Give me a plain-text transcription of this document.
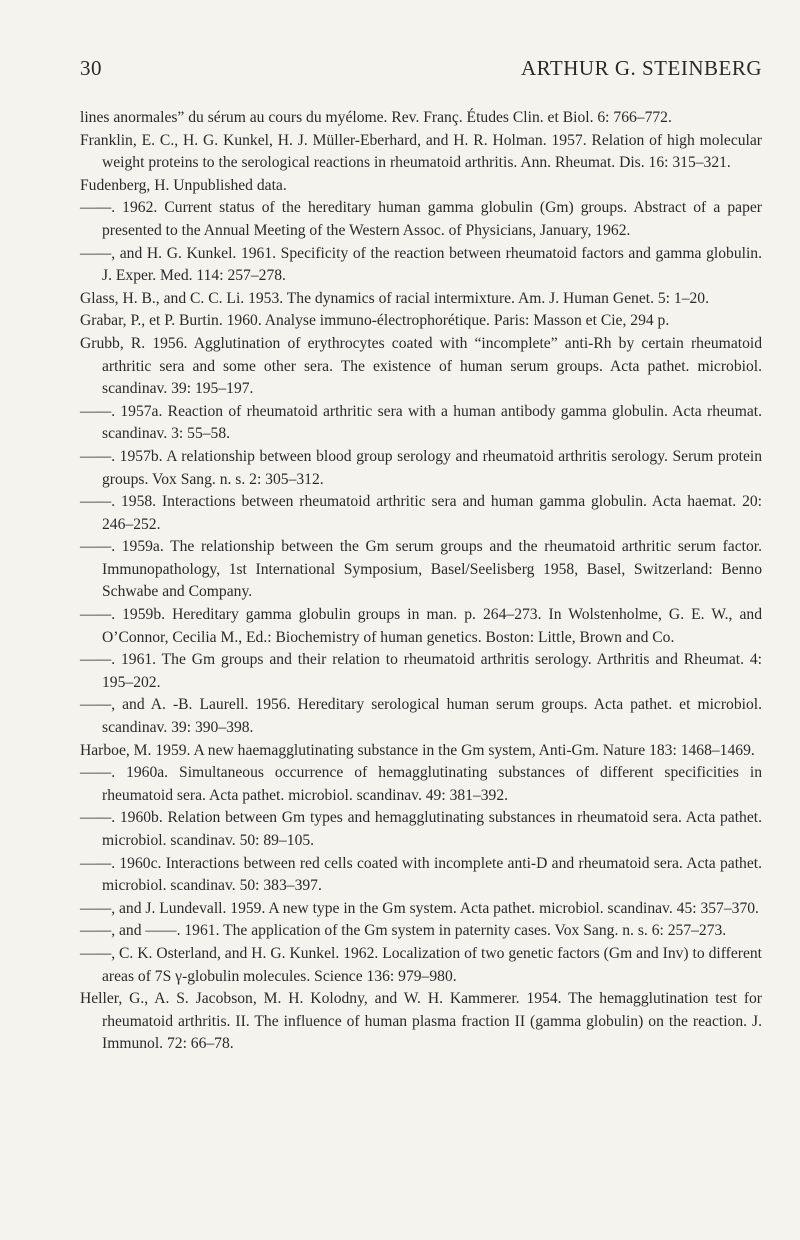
30	ARTHUR G. STEINBERG

lines anormales” du sérum au cours du myélome. Rev. Franç. Études Clin. et Biol. 6: 766–772.

Franklin, E. C., H. G. Kunkel, H. J. Müller-Eberhard, and H. R. Holman. 1957. Relation of high molecular weight proteins to the serological reactions in rheumatoid arthritis. Ann. Rheumat. Dis. 16: 315–321.

Fudenberg, H. Unpublished data.

——. 1962. Current status of the hereditary human gamma globulin (Gm) groups. Abstract of a paper presented to the Annual Meeting of the Western Assoc. of Physicians, January, 1962.

——, and H. G. Kunkel. 1961. Specificity of the reaction between rheumatoid factors and gamma globulin. J. Exper. Med. 114: 257–278.

Glass, H. B., and C. C. Li. 1953. The dynamics of racial intermixture. Am. J. Human Genet. 5: 1–20.

Grabar, P., et P. Burtin. 1960. Analyse immuno-électrophorétique. Paris: Masson et Cie, 294 p.

Grubb, R. 1956. Agglutination of erythrocytes coated with “incomplete” anti-Rh by certain rheumatoid arthritic sera and some other sera. The existence of human serum groups. Acta pathet. microbiol. scandinav. 39: 195–197.

——. 1957a. Reaction of rheumatoid arthritic sera with a human antibody gamma globulin. Acta rheumat. scandinav. 3: 55–58.

——. 1957b. A relationship between blood group serology and rheumatoid arthritis serology. Serum protein groups. Vox Sang. n. s. 2: 305–312.

——. 1958. Interactions between rheumatoid arthritic sera and human gamma globulin. Acta haemat. 20: 246–252.

——. 1959a. The relationship between the Gm serum groups and the rheumatoid arthritic serum factor. Immunopathology, 1st International Symposium, Basel/Seelisberg 1958, Basel, Switzerland: Benno Schwabe and Company.

——. 1959b. Hereditary gamma globulin groups in man. p. 264–273. In Wolstenholme, G. E. W., and O’Connor, Cecilia M., Ed.: Biochemistry of human genetics. Boston: Little, Brown and Co.

——. 1961. The Gm groups and their relation to rheumatoid arthritis serology. Arthritis and Rheumat. 4: 195–202.

——, and A. -B. Laurell. 1956. Hereditary serological human serum groups. Acta pathet. et microbiol. scandinav. 39: 390–398.

Harboe, M. 1959. A new haemagglutinating substance in the Gm system, Anti-Gm. Nature 183: 1468–1469.

——. 1960a. Simultaneous occurrence of hemagglutinating substances of different specificities in rheumatoid sera. Acta pathet. microbiol. scandinav. 49: 381–392.

——. 1960b. Relation between Gm types and hemagglutinating substances in rheumatoid sera. Acta pathet. microbiol. scandinav. 50: 89–105.

——. 1960c. Interactions between red cells coated with incomplete anti-D and rheumatoid sera. Acta pathet. microbiol. scandinav. 50: 383–397.

——, and J. Lundevall. 1959. A new type in the Gm system. Acta pathet. microbiol. scandinav. 45: 357–370.

——, and ——. 1961. The application of the Gm system in paternity cases. Vox Sang. n. s. 6: 257–273.

——, C. K. Osterland, and H. G. Kunkel. 1962. Localization of two genetic factors (Gm and Inv) to different areas of 7S γ-globulin molecules. Science 136: 979–980.

Heller, G., A. S. Jacobson, M. H. Kolodny, and W. H. Kammerer. 1954. The hemagglutination test for rheumatoid arthritis. II. The influence of human plasma fraction II (gamma globulin) on the reaction. J. Immunol. 72: 66–78.
